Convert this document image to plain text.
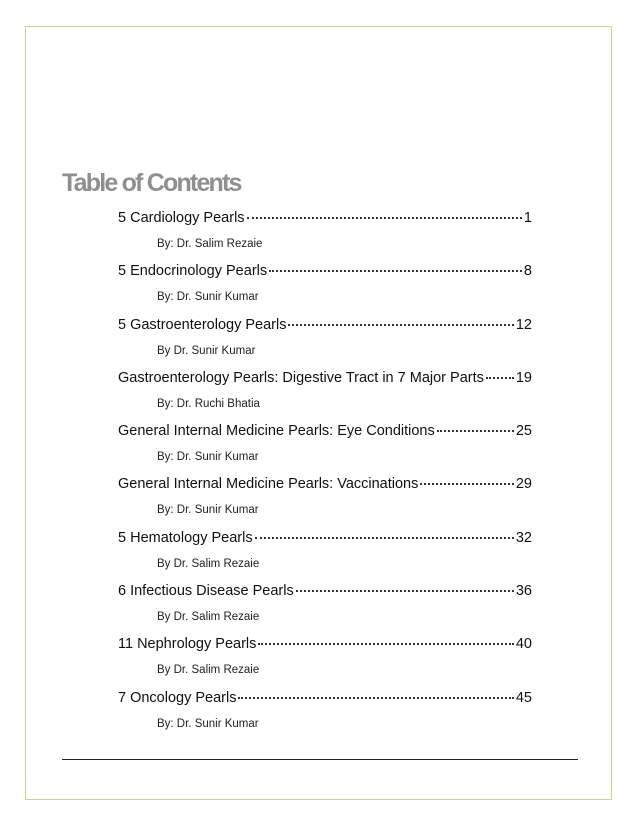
Table of Contents
5 Cardiology Pearls	1
By: Dr. Salim Rezaie
5 Endocrinology Pearls	8
By: Dr. Sunir Kumar
5 Gastroenterology Pearls	12
By Dr. Sunir Kumar
Gastroenterology Pearls: Digestive Tract in 7 Major Parts 19
By: Dr. Ruchi Bhatia
General Internal Medicine Pearls: Eye Conditions	25
By: Dr. Sunir Kumar
General Internal Medicine Pearls: Vaccinations	29
By: Dr. Sunir Kumar
5 Hematology Pearls	32
By Dr. Salim Rezaie
6 Infectious Disease Pearls	36
By Dr. Salim Rezaie
11 Nephrology Pearls	40
By Dr. Salim Rezaie
7 Oncology Pearls	45
By: Dr. Sunir Kumar
